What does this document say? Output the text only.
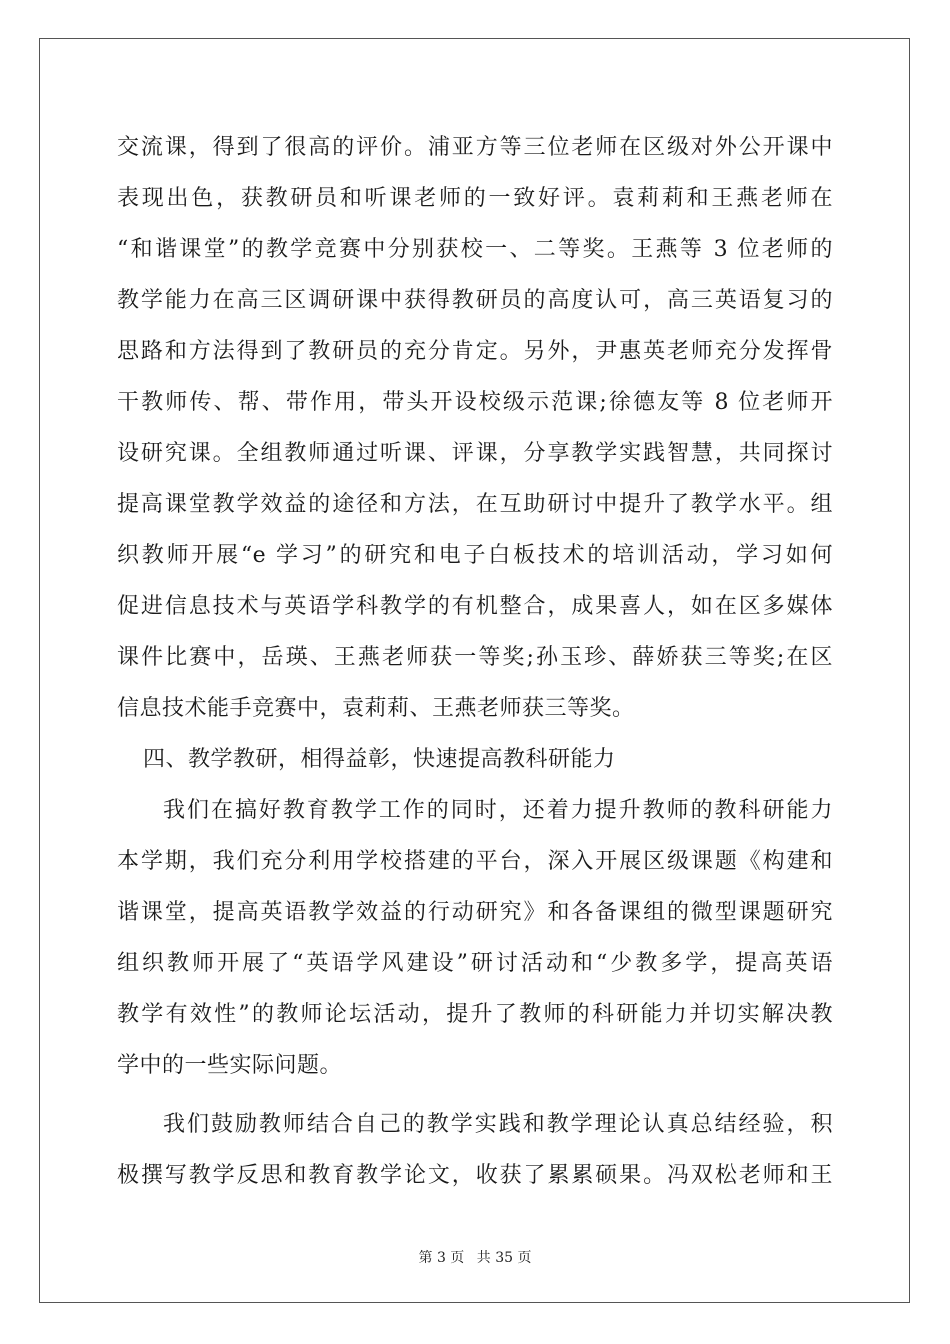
交流课，得到了很高的评价。浦亚方等三位老师在区级对外公开课中
表现出色，获教研员和听课老师的一致好评。袁莉莉和王燕老师在
“和谐课堂”的教学竞赛中分别获校一、二等奖。王燕等 3 位老师的
教学能力在高三区调研课中获得教研员的高度认可，高三英语复习的
思路和方法得到了教研员的充分肯定。另外，尹惠英老师充分发挥骨
干教师传、帮、带作用，带头开设校级示范课;徐德友等 8 位老师开
设研究课。全组教师通过听课、评课，分享教学实践智慧，共同探讨
提高课堂教学效益的途径和方法，在互助研讨中提升了教学水平。组
织教师开展“e 学习”的研究和电子白板技术的培训活动，学习如何
促进信息技术与英语学科教学的有机整合，成果喜人，如在区多媒体
课件比赛中，岳瑛、王燕老师获一等奖;孙玉珍、薛娇获三等奖;在区
信息技术能手竞赛中，袁莉莉、王燕老师获三等奖。
四、教学教研，相得益彰，快速提高教科研能力
我们在搞好教育教学工作的同时，还着力提升教师的教科研能力
本学期，我们充分利用学校搭建的平台，深入开展区级课题《构建和
谐课堂，提高英语教学效益的行动研究》和各备课组的微型课题研究
组织教师开展了“英语学风建设”研讨活动和“少教多学，提高英语
教学有效性”的教师论坛活动，提升了教师的科研能力并切实解决教
学中的一些实际问题。
我们鼓励教师结合自己的教学实践和教学理论认真总结经验，积
极撰写教学反思和教育教学论文，收获了累累硕果。冯双松老师和王
第 3 页 共 35 页
